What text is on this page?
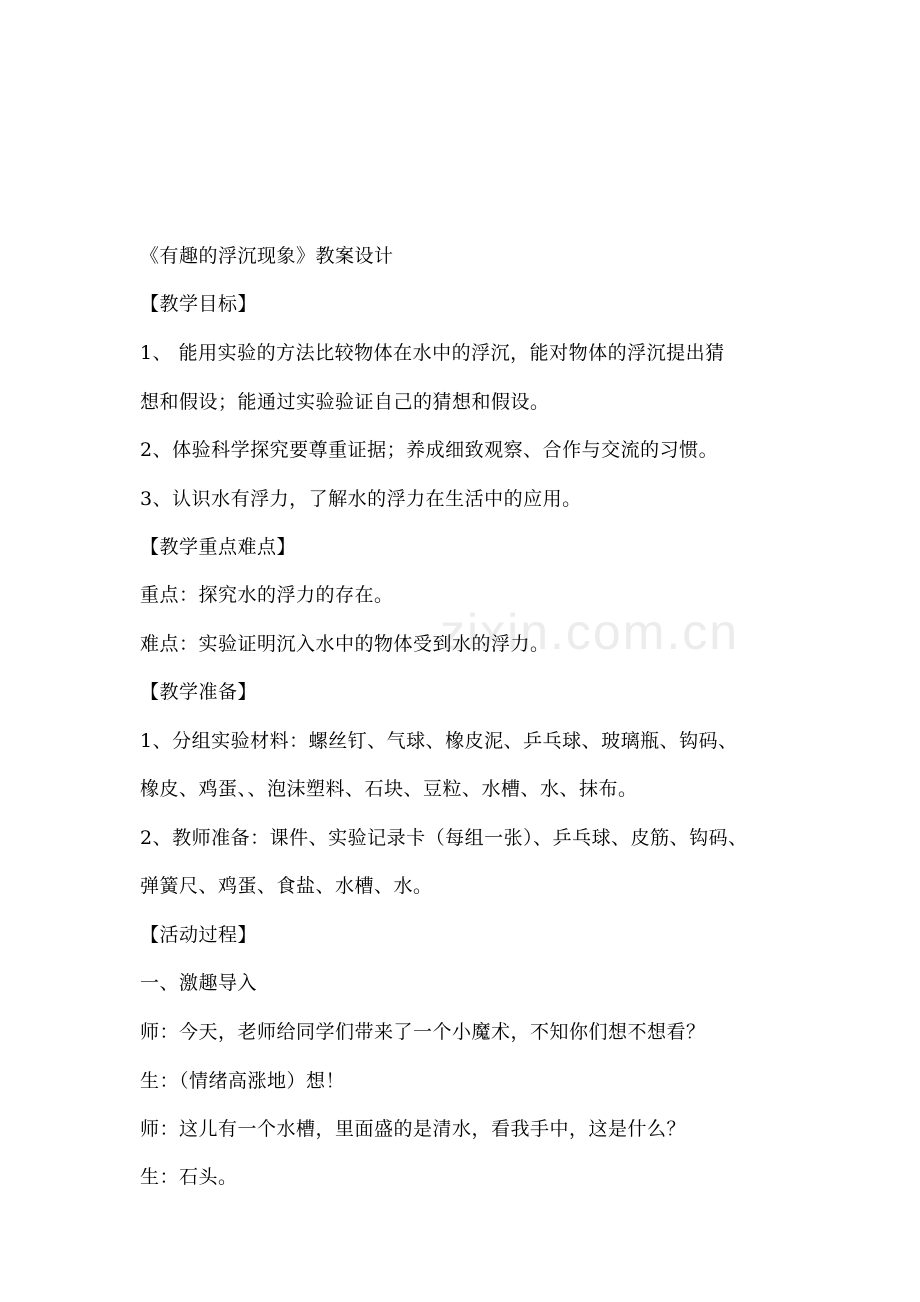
zixin.com.cn
《有趣的浮沉现象》教案设计
【教学目标】
1、 能用实验的方法比较物体在水中的浮沉，能对物体的浮沉提出猜
想和假设；能通过实验验证自己的猜想和假设。
2、体验科学探究要尊重证据；养成细致观察、合作与交流的习惯。
3、认识水有浮力，了解水的浮力在生活中的应用。
【教学重点难点】
重点：探究水的浮力的存在。
难点：实验证明沉入水中的物体受到水的浮力。
【教学准备】
1、分组实验材料：螺丝钉、气球、橡皮泥、乒乓球、玻璃瓶、钩码、
橡皮、鸡蛋、、泡沫塑料、石块、豆粒、水槽、水、抹布。
2、教师准备：课件、实验记录卡（每组一张）、乒乓球、皮筋、钩码、
弹簧尺、鸡蛋、食盐、水槽、水。
【活动过程】
一、激趣导入
师：今天，老师给同学们带来了一个小魔术，不知你们想不想看？
生：（情绪高涨地）想！
师：这儿有一个水槽，里面盛的是清水，看我手中，这是什么？
生：石头。
